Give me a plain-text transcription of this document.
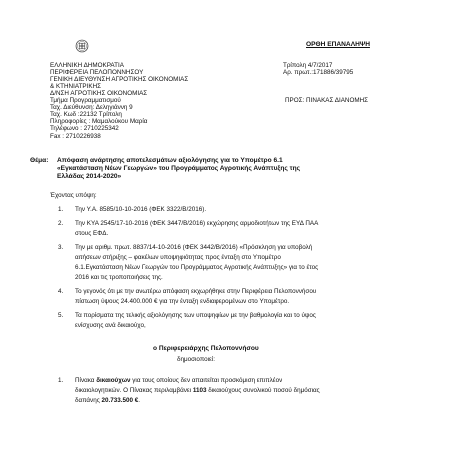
ΟΡΘΗ ΕΠΑΝΑΛΗΨΗ
ΕΛΛΗΝΙΚΗ ΔΗΜΟΚΡΑΤΙΑ
ΠΕΡΙΦΕΡΕΙΑ ΠΕΛΟΠΟΝΝΗΣΟΥ
ΓΕΝΙΚΗ ΔΙΕΥΘΥΝΣΗ ΑΓΡΟΤΙΚΗΣ ΟΙΚΟΝΟΜΙΑΣ
& ΚΤΗΝΙΑΤΡΙΚΗΣ
Δ/ΝΣΗ ΑΓΡΟΤΙΚΗΣ ΟΙΚΟΝΟΜΙΑΣ
Τμήμα Προγραμματισμού
Ταχ. Διεύθυνση: Δεληγιάννη 9
Ταχ. Κωδ :22132 Τρίπολη
Πληροφορίες : Μαμαλούκου Μαρία
Τηλέφωνο : 2710225342
Fax : 2710226938
Τρίπολη 4/7/2017
Αρ. πρωτ.:171886/39795
ΠΡΟΣ: ΠΙΝΑΚΑΣ ΔΙΑΝΟΜΗΣ
Θέμα: Απόφαση ανάρτησης αποτελεσμάτων αξιολόγησης για το Υπομέτρο 6.1
«Εγκατάσταση Νέων Γεωργών» του Προγράμματος Αγροτικής Ανάπτυξης της
Ελλάδας 2014-2020»
Έχοντας υπόψη:
1. Την Υ.Α. 8585/10-10-2016 (ΦΕΚ 3322/Β/2016).
2. Την ΚΥΑ 2545/17-10-2016 (ΦΕΚ 3447/Β/2016) εκχώρησης αρμοδιοτήτων της ΕΥΔ ΠΑΑ
στους ΕΦΔ.
3. Την με αριθμ. πρωτ. 8837/14-10-2016 (ΦΕΚ 3442/Β/2016) «Πρόσκληση για υποβολή
αιτήσεων στήριξης – φακέλων υποψηφιότητας προς ένταξη στο Υπομέτρο
6.1.Εγκατάσταση Νέων Γεωργών του Προγράμματος Αγροτικής Ανάπτυξης» για το έτος
2016 και τις τροποποιήσεις της.
4. Το γεγονός ότι με την ανωτέρω απόφαση εκχωρήθηκε στην Περιφέρεια Πελοποννήσου
πίστωση ύψους 24.400.000 € για την ένταξη ενδιαφερομένων στο Υπομέτρο.
5. Τα πορίσματα της τελικής αξιολόγησης των υποψηφίων με την βαθμολογία και το ύψος
ενίσχυσης ανά δικαιούχο,
ο Περιφερειάρχης Πελοποννήσου
δημοσιοποιεί:
1. Πίνακα δικαιούχων για τους οποίους δεν απαιτείται προσκόμιση επιπλέον
δικαιολογητικών. Ο Πίνακας περιλαμβάνει 1103 δικαιούχους συνολικού ποσού δημόσιας
δαπάνης 20.733.500 €.
